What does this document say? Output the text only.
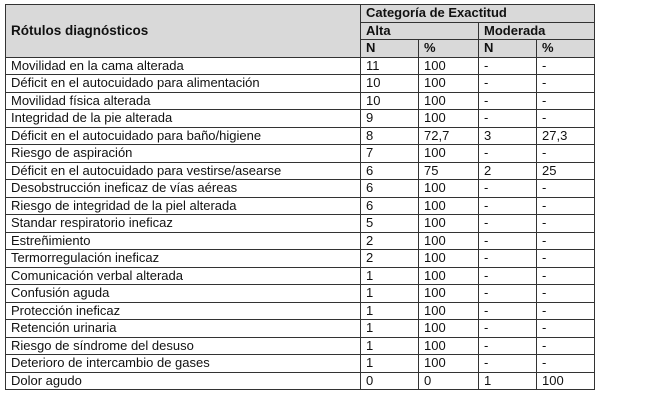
Rótulos diagnósticos	Categoría de Exactitud			
	Alta		Moderada	
	N	%	N	%
Movilidad en la cama alterada	11	100	-	-
Déficit en el autocuidado para alimentación	10	100	-	-
Movilidad física alterada	10	100	-	-
Integridad de la pie alterada	9	100	-	-
Déficit en el autocuidado para baño/higiene	8	72,7	3	27,3
Riesgo de aspiración	7	100	-	-
Déficit en el autocuidado para vestirse/asearse	6	75	2	25
Desobstrucción ineficaz de vías aéreas	6	100	-	-
Riesgo de integridad de la piel alterada	6	100	-	-
Standar respiratorio ineficaz	5	100	-	-
Estreñimiento	2	100	-	-
Termorregulación ineficaz	2	100	-	-
Comunicación verbal alterada	1	100	-	-
Confusión aguda	1	100	-	-
Protección ineficaz	1	100	-	-
Retención urinaria	1	100	-	-
Riesgo de síndrome del desuso	1	100	-	-
Deterioro de intercambio de gases	1	100	-	-
Dolor agudo	0	0	1	100
